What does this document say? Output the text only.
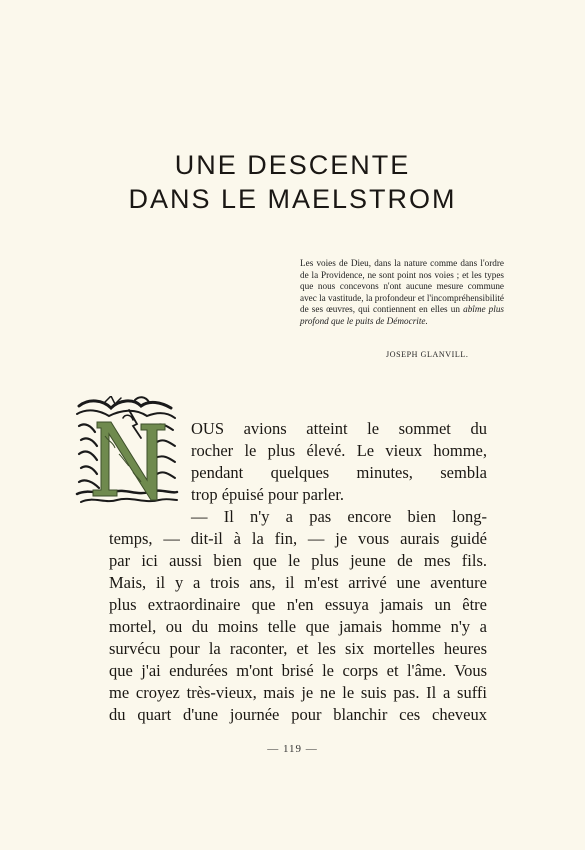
UNE DESCENTE
DANS LE MAELSTROM

Les voies de Dieu, dans la nature comme dans l'ordre de la Providence, ne sont point nos voies ; et les types que nous concevons n'ont aucune mesure commune avec la vastitude, la profondeur et l'incompréhensibilité de ses œuvres, qui contiennent en elles un abîme plus profond que le puits de Démocrite.

JOSEPH GLANVILL.
OUS avions atteint le sommet du
rocher le plus élevé. Le vieux homme,
pendant quelques minutes, sembla
trop épuisé pour parler.
— Il n'y a pas encore bien long-
temps, — dit-il à la fin, — je vous aurais guidé
par ici aussi bien que le plus jeune de mes fils.
Mais, il y a trois ans, il m'est arrivé une aventure
plus extraordinaire que n'en essuya jamais un être
mortel, ou du moins telle que jamais homme n'y a
survécu pour la raconter, et les six mortelles heures
que j'ai endurées m'ont brisé le corps et l'âme. Vous
me croyez très-vieux, mais je ne le suis pas. Il a suffi
du quart d'une journée pour blanchir ces cheveux
— 119 —
